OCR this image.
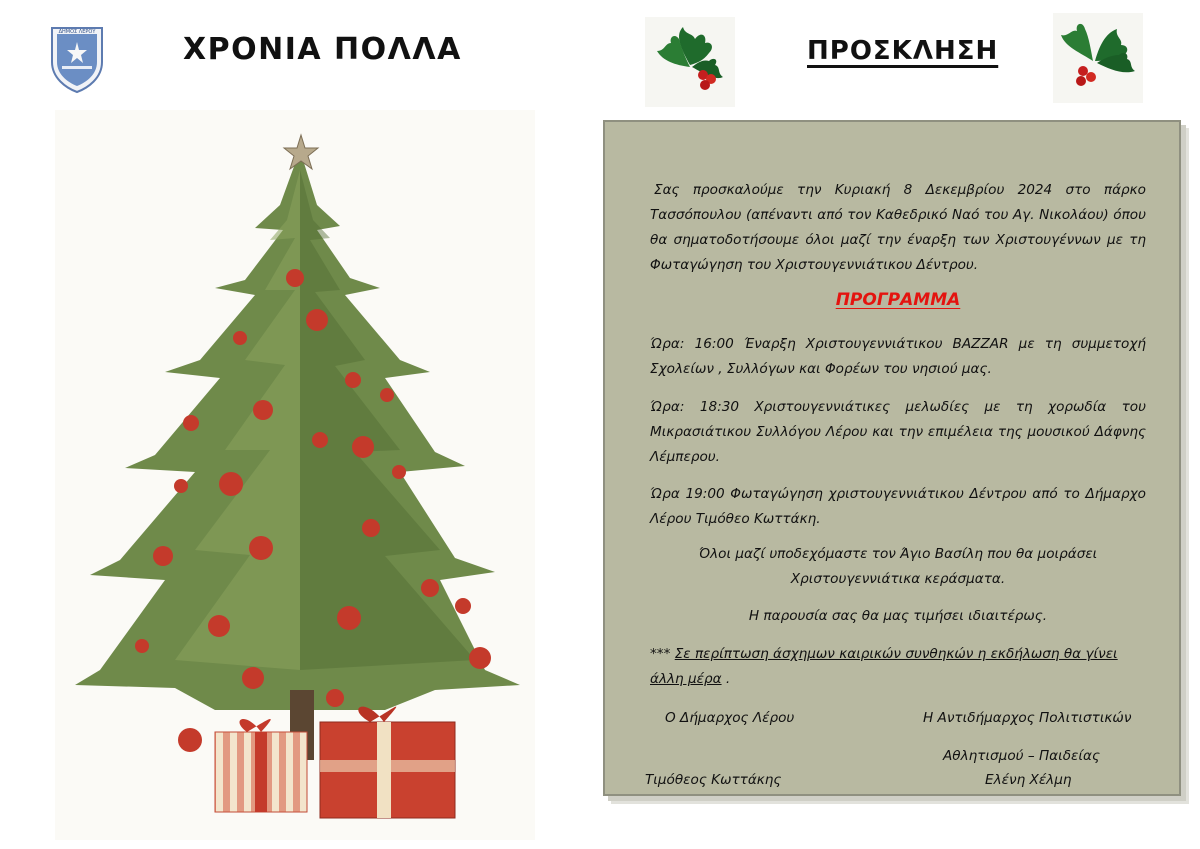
ΔΗΜΟΣ ΛΕΡΟΥ	ΧΡΟΝΙΑ ΠΟΛΛΑ	ΠΡΟΣΚΛΗΣΗ

Σας προσκαλούμε την Κυριακή 8 Δεκεμβρίου 2024 στο πάρκο Τασσόπουλου (απέναντι από τον Καθεδρικό Ναό του Αγ. Νικολάου) όπου θα σηματοδοτήσουμε όλοι μαζί την έναρξη των Χριστουγέννων με τη Φωταγώγηση του Χριστουγεννιάτικου Δέντρου.

ΠΡΟΓΡΑΜΜΑ

Ώρα: 16:00 Έναρξη Χριστουγεννιάτικου BAZZAR με τη συμμετοχή Σχολείων , Συλλόγων και Φορέων του νησιού μας.

Ώρα: 18:30 Χριστουγεννιάτικες μελωδίες με τη χορωδία του Μικρασιάτικου Συλλόγου Λέρου και την επιμέλεια της μουσικού Δάφνης Λέμπερου.

Ώρα 19:00 Φωταγώγηση χριστουγεννιάτικου Δέντρου από το Δήμαρχο Λέρου Τιμόθεο Κωττάκη.

Όλοι μαζί υποδεχόμαστε τον Άγιο Βασίλη που θα μοιράσει Χριστουγεννιάτικα κεράσματα.

Η παρουσία σας θα μας τιμήσει ιδιαιτέρως.

*** Σε περίπτωση άσχημων καιρικών συνθηκών η εκδήλωση θα γίνει άλλη μέρα .

Ο Δήμαρχος Λέρου	Η Αντιδήμαρχος Πολιτιστικών
Αθλητισμού – Παιδείας
Τιμόθεος Κωττάκης	Ελένη Χέλμη
